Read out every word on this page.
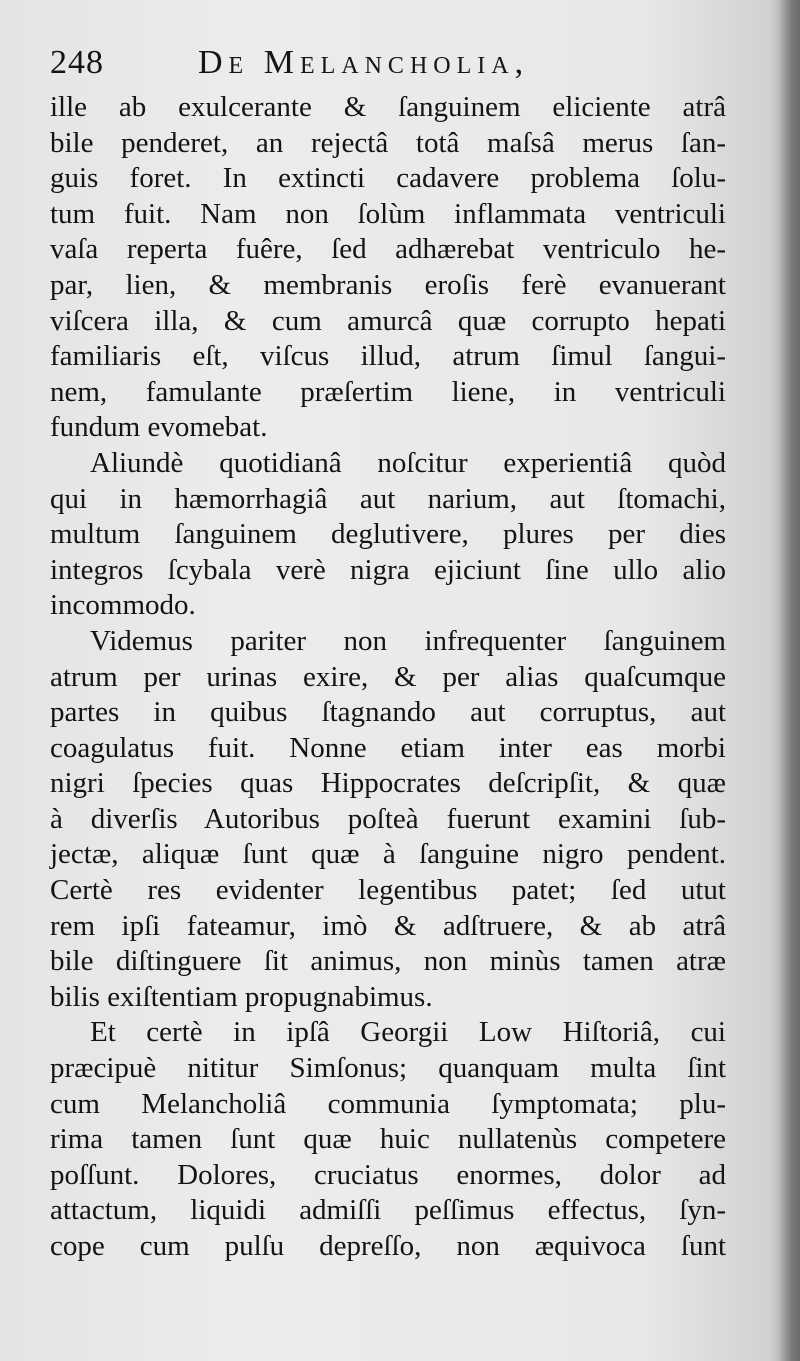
248	De Melancholia,
ille ab exulcerante & ſanguinem eliciente atrâ
bile penderet, an rejectâ totâ maſsâ merus ſan-
guis foret. In extincti cadavere problema ſolu-
tum fuit. Nam non ſolùm inflammata ventriculi
vaſa reperta fuêre, ſed adhærebat ventriculo he-
par, lien, & membranis eroſis ferè evanuerant
viſcera illa, & cum amurcâ quæ corrupto hepati
familiaris eſt, viſcus illud, atrum ſimul ſangui-
nem, famulante præſertim liene, in ventriculi
fundum evomebat.
Aliundè quotidianâ noſcitur experientiâ quòd
qui in hæmorrhagiâ aut narium, aut ſtomachi,
multum ſanguinem deglutivere, plures per dies
integros ſcybala verè nigra ejiciunt ſine ullo alio
incommodo.
Videmus pariter non infrequenter ſanguinem
atrum per urinas exire, & per alias quaſcumque
partes in quibus ſtagnando aut corruptus, aut
coagulatus fuit. Nonne etiam inter eas morbi
nigri ſpecies quas Hippocrates deſcripſit, & quæ
à diverſis Autoribus poſteà fuerunt examini ſub-
jectæ, aliquæ ſunt quæ à ſanguine nigro pendent.
Certè res evidenter legentibus patet; ſed utut
rem ipſi fateamur, imò & adſtruere, & ab atrâ
bile diſtinguere ſit animus, non minùs tamen atræ
bilis exiſtentiam propugnabimus.
Et certè in ipſâ Georgii Low Hiſtoriâ, cui
præcipuè nititur Simſonus; quanquam multa ſint
cum Melancholiâ communia ſymptomata; plu-
rima tamen ſunt quæ huic nullatenùs competere
poſſunt. Dolores, cruciatus enormes, dolor ad
attactum, liquidi admiſſi peſſimus effectus, ſyn-
cope cum pulſu depreſſo, non æquivoca ſunt
